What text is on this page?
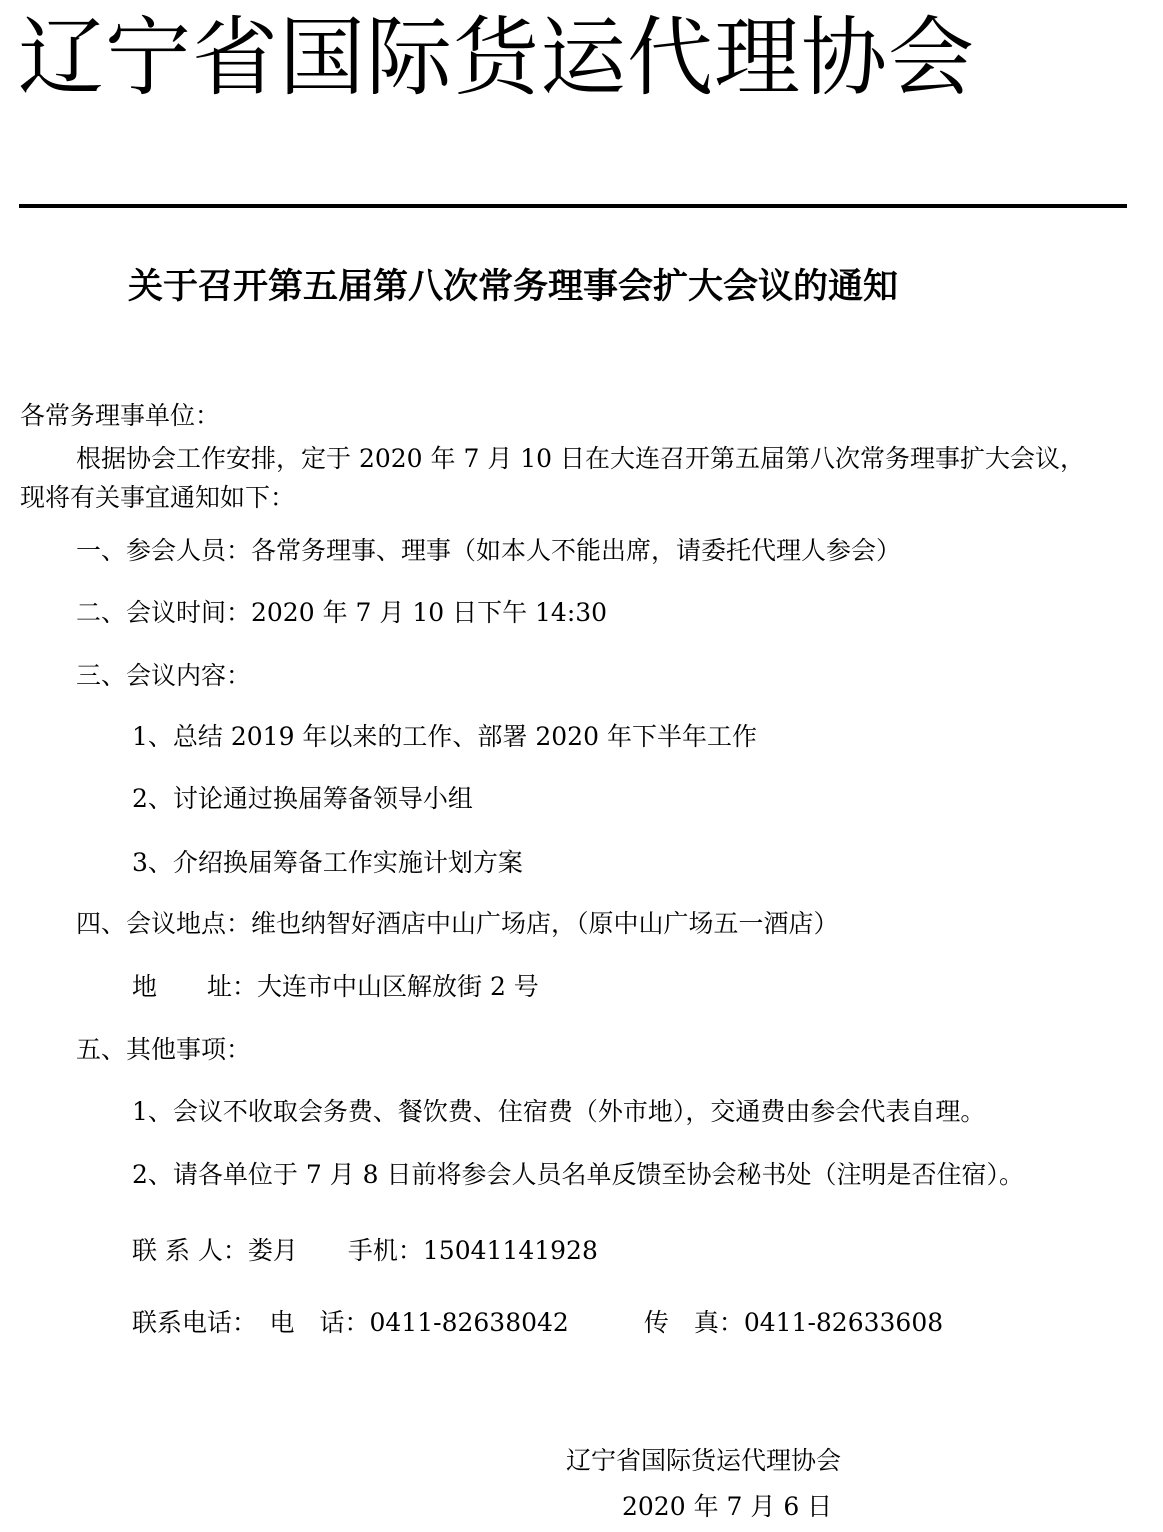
辽宁省国际货运代理协会
关于召开第五届第八次常务理事会扩大会议的通知
各常务理事单位：
根据协会工作安排，定于 2020 年 7 月 10 日在大连召开第五届第八次常务理事扩大会议，
现将有关事宜通知如下：
一、参会人员：各常务理事、理事（如本人不能出席，请委托代理人参会）
二、会议时间：2020 年 7 月 10 日下午 14:30
三、会议内容：
1、总结 2019 年以来的工作、部署 2020 年下半年工作
2、讨论通过换届筹备领导小组
3、介绍换届筹备工作实施计划方案
四、会议地点：维也纳智好酒店中山广场店，（原中山广场五一酒店）
地　　址：大连市中山区解放街 2 号
五、其他事项：
1、会议不收取会务费、餐饮费、住宿费（外市地），交通费由参会代表自理。
2、请各单位于 7 月 8 日前将参会人员名单反馈至协会秘书处（注明是否住宿）。
联 系 人：娄月　　手机：15041141928
联系电话：　电　话：0411-82638042　　　传　真：0411-82633608
辽宁省国际货运代理协会
2020 年 7 月 6 日
